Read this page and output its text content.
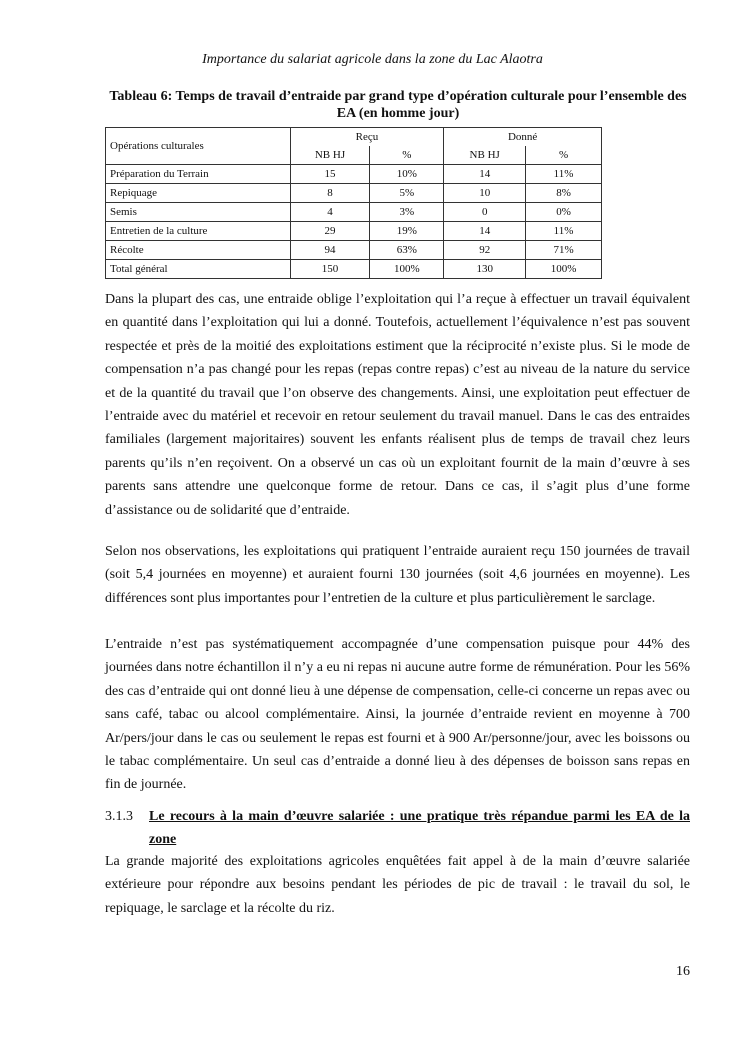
Importance du salariat agricole dans la zone du Lac Alaotra
Tableau 6: Temps de travail d’entraide par grand type d’opération culturale pour l’ensemble des EA (en homme jour)
Opérations culturales	Reçu		Donné	
	NB HJ	%	NB HJ	%
Préparation du Terrain	15	10%	14	11%
Repiquage	8	5%	10	8%
Semis	4	3%	0	0%
Entretien de la culture	29	19%	14	11%
Récolte	94	63%	92	71%
Total général	150	100%	130	100%

Dans la plupart des cas, une entraide oblige l’exploitation qui l’a reçue à effectuer un travail équivalent en quantité dans l’exploitation qui lui a donné. Toutefois, actuellement l’équivalence n’est pas souvent respectée et près de la moitié des exploitations estiment que la réciprocité n’existe plus. Si le mode de compensation n’a pas changé pour les repas (repas contre repas) c’est au niveau de la nature du service et de la quantité du travail que l’on observe des changements. Ainsi, une exploitation peut effectuer de l’entraide avec du matériel et recevoir en retour seulement du travail manuel. Dans le cas des entraides familiales (largement majoritaires) souvent les enfants réalisent plus de temps de travail chez leurs parents qu’ils n’en reçoivent. On a observé un cas où un exploitant fournit de la main d’œuvre à ses parents sans attendre une quelconque forme de retour. Dans ce cas, il s’agit plus d’une forme d’assistance ou de solidarité que d’entraide.

Selon nos observations, les exploitations qui pratiquent l’entraide auraient reçu 150 journées de travail (soit 5,4 journées en moyenne) et auraient fourni 130 journées (soit 4,6 journées en moyenne). Les différences sont plus importantes pour l’entretien de la culture et plus particulièrement le sarclage.

L’entraide n’est pas systématiquement accompagnée d’une compensation puisque pour 44% des journées dans notre échantillon il n’y a eu ni repas ni aucune autre forme de rémunération. Pour les 56% des cas d’entraide qui ont donné lieu à une dépense de compensation, celle-ci concerne un repas avec ou sans café, tabac ou alcool complémentaire. Ainsi, la journée d’entraide revient en moyenne à 700 Ar/pers/jour dans le cas ou seulement le repas est fourni et à 900 Ar/personne/jour, avec les boissons ou le tabac complémentaire. Un seul cas d’entraide a donné lieu à des dépenses de boisson sans repas en fin de journée.

3.1.3 Le recours à la main d’œuvre salariée : une pratique très répandue parmi les EA de la zone

La grande majorité des exploitations agricoles enquêtées fait appel à de la main d’œuvre salariée extérieure pour répondre aux besoins pendant les périodes de pic de travail : le travail du sol, le repiquage, le sarclage et la récolte du riz.

16
